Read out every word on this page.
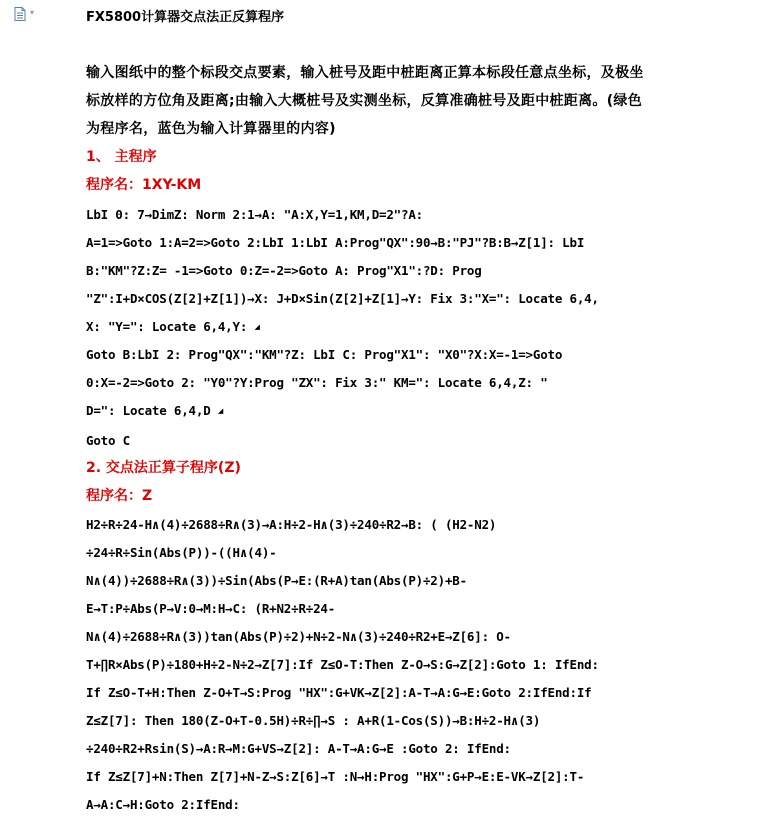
▾	FX5800计算器交点法正反算程序
输入图纸中的整个标段交点要素，输入桩号及距中桩距离正算本标段任意点坐标，及极坐
标放样的方位角及距离;由输入大概桩号及实测坐标，反算准确桩号及距中桩距离。(绿色
为程序名，蓝色为输入计算器里的内容)
1、 主程序
程序名：1XY-KM
LbI 0: 7→DimZ: Norm 2:1→A: "A:X,Y=1,KM,D=2"?A:
A=1=>Goto 1:A=2=>Goto 2:LbI 1:LbI A:Prog"QX":90→B:"PJ"?B:B→Z[1]: LbI
B:"KM"?Z:Z= -1=>Goto 0:Z=-2=>Goto A: Prog"X1":?D: Prog
"Z":I+D×COS(Z[2]+Z[1])→X: J+D×Sin(Z[2]+Z[1]→Y: Fix 3:"X=": Locate 6,4,
X: "Y=": Locate 6,4,Y: ◢
Goto B:LbI 2: Prog"QX":"KM"?Z: LbI C: Prog"X1": "X0"?X:X=-1=>Goto
0:X=-2=>Goto 2: "Y0"?Y:Prog "ZX": Fix 3:" KM=": Locate 6,4,Z: "
D=": Locate 6,4,D ◢
Goto C
2. 交点法正算子程序(Z)
程序名：Z
H2÷R÷24-H∧(4)÷2688÷R∧(3)→A:H÷2-H∧(3)÷240÷R2→B: ( (H2-N2)
÷24÷R÷Sin(Abs(P))-((H∧(4)-
N∧(4))÷2688÷R∧(3))÷Sin(Abs(P→E:(R+A)tan(Abs(P)÷2)+B-
E→T:P÷Abs(P→V:0→M:H→C: (R+N2÷R÷24-
N∧(4)÷2688÷R∧(3))tan(Abs(P)÷2)+N÷2-N∧(3)÷240÷R2+E→Z[6]: O-
T+∏R×Abs(P)÷180+H÷2-N÷2→Z[7]:If Z≤O-T:Then Z-O→S:G→Z[2]:Goto 1: IfEnd:
If Z≤O-T+H:Then Z-O+T→S:Prog "HX":G+VK→Z[2]:A-T→A:G→E:Goto 2:IfEnd:If
Z≤Z[7]: Then 180(Z-O+T-0.5H)÷R÷∏→S : A+R(1-Cos(S))→B:H÷2-H∧(3)
÷240÷R2+Rsin(S)→A:R→M:G+VS→Z[2]: A-T→A:G→E :Goto 2: IfEnd:
If Z≤Z[7]+N:Then Z[7]+N-Z→S:Z[6]→T :N→H:Prog "HX":G+P→E:E-VK→Z[2]:T-
A→A:C→H:Goto 2:IfEnd:
